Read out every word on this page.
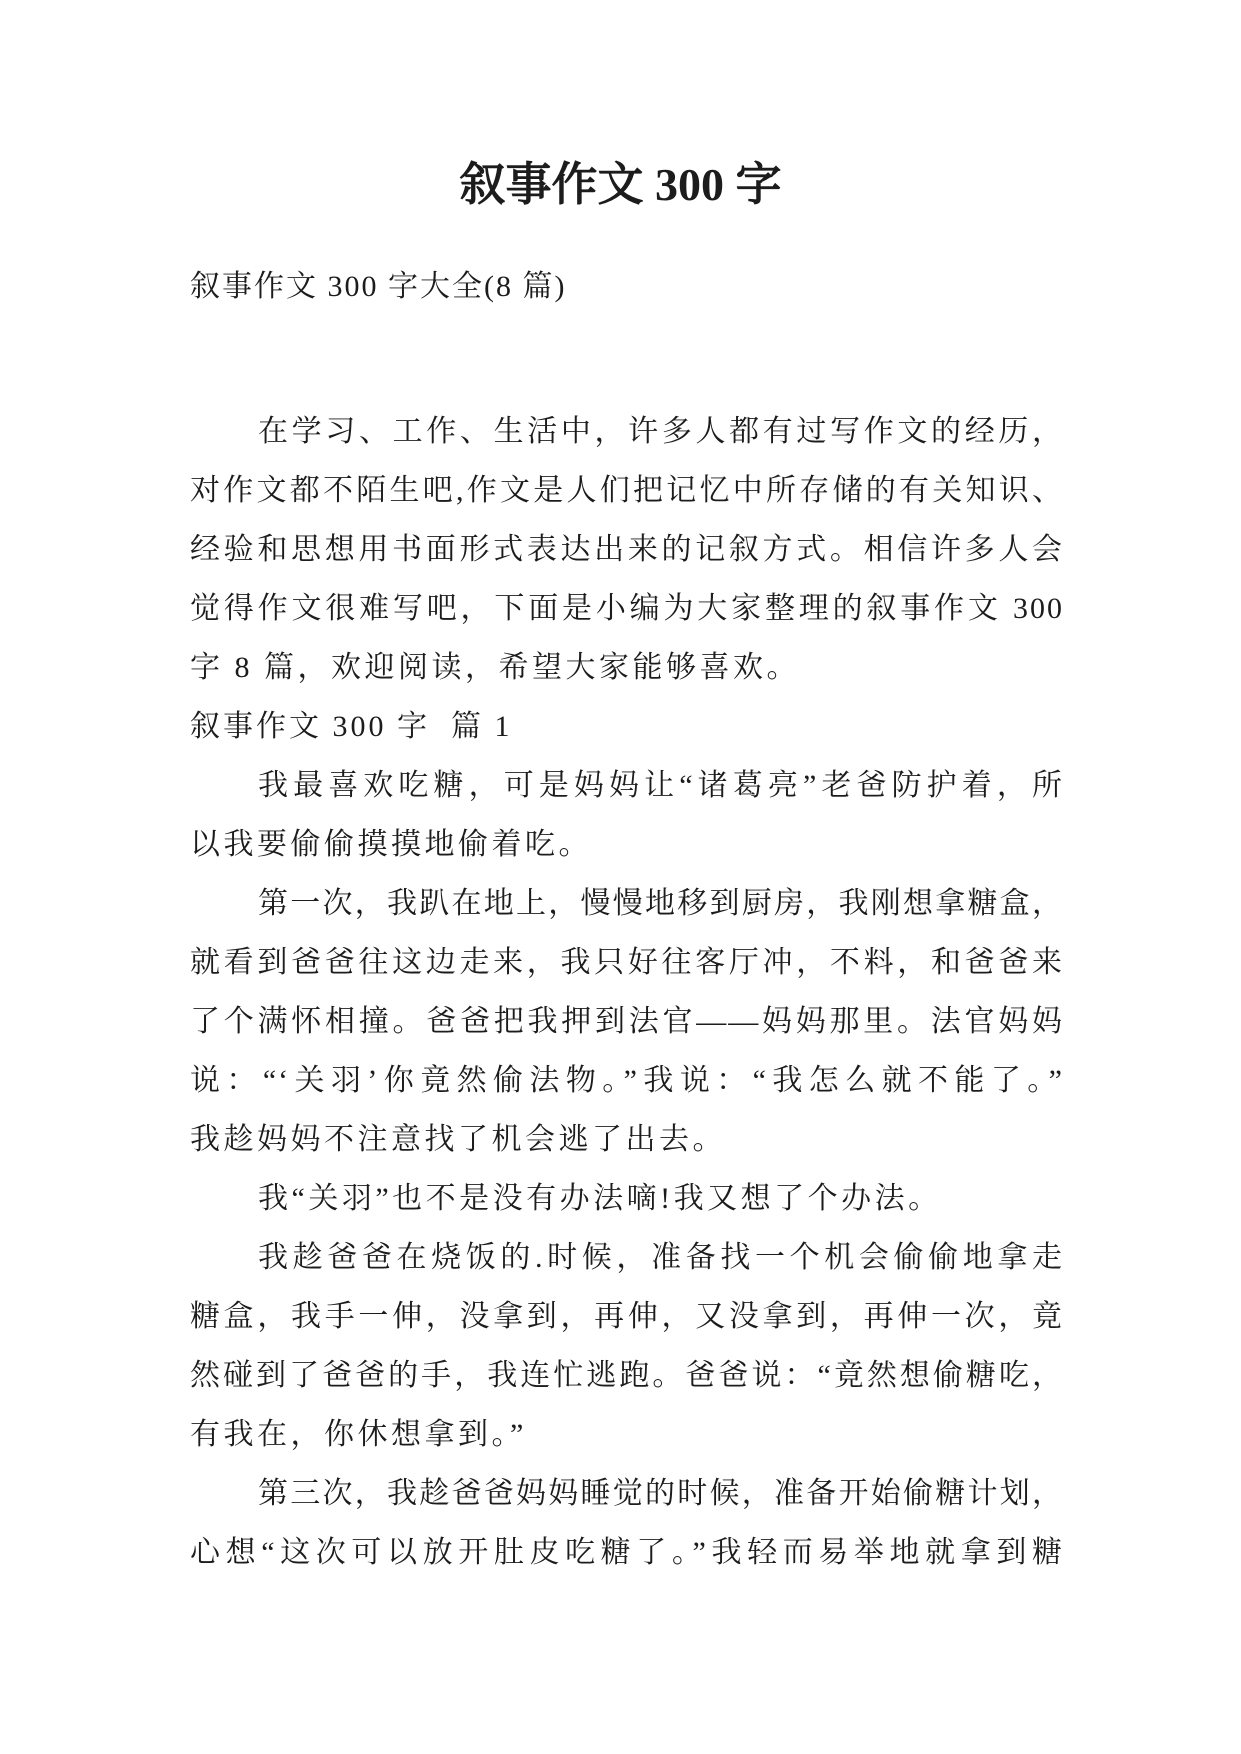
叙事作文 300 字
叙事作文 300 字大全(8 篇)
在学习、工作、生活中，许多人都有过写作文的经历，
对作文都不陌生吧,作文是人们把记忆中所存储的有关知识、
经验和思想用书面形式表达出来的记叙方式。相信许多人会
觉得作文很难写吧，下面是小编为大家整理的叙事作文 300
字 8 篇，欢迎阅读，希望大家能够喜欢。
叙事作文 300 字  篇 1
我最喜欢吃糖，可是妈妈让“诸葛亮”老爸防护着，所
以我要偷偷摸摸地偷着吃。
第一次，我趴在地上，慢慢地移到厨房，我刚想拿糖盒，
就看到爸爸往这边走来，我只好往客厅冲，不料，和爸爸来
了个满怀相撞。爸爸把我押到法官——妈妈那里。法官妈妈
说：“‘关羽’你竟然偷法物。”我说：“我怎么就不能了。”
我趁妈妈不注意找了机会逃了出去。
我“关羽”也不是没有办法嘀!我又想了个办法。
我趁爸爸在烧饭的.时候，准备找一个机会偷偷地拿走
糖盒，我手一伸，没拿到，再伸，又没拿到，再伸一次，竟
然碰到了爸爸的手，我连忙逃跑。爸爸说：“竟然想偷糖吃，
有我在，你休想拿到。”
第三次，我趁爸爸妈妈睡觉的时候，准备开始偷糖计划，
心想“这次可以放开肚皮吃糖了。”我轻而易举地就拿到糖
